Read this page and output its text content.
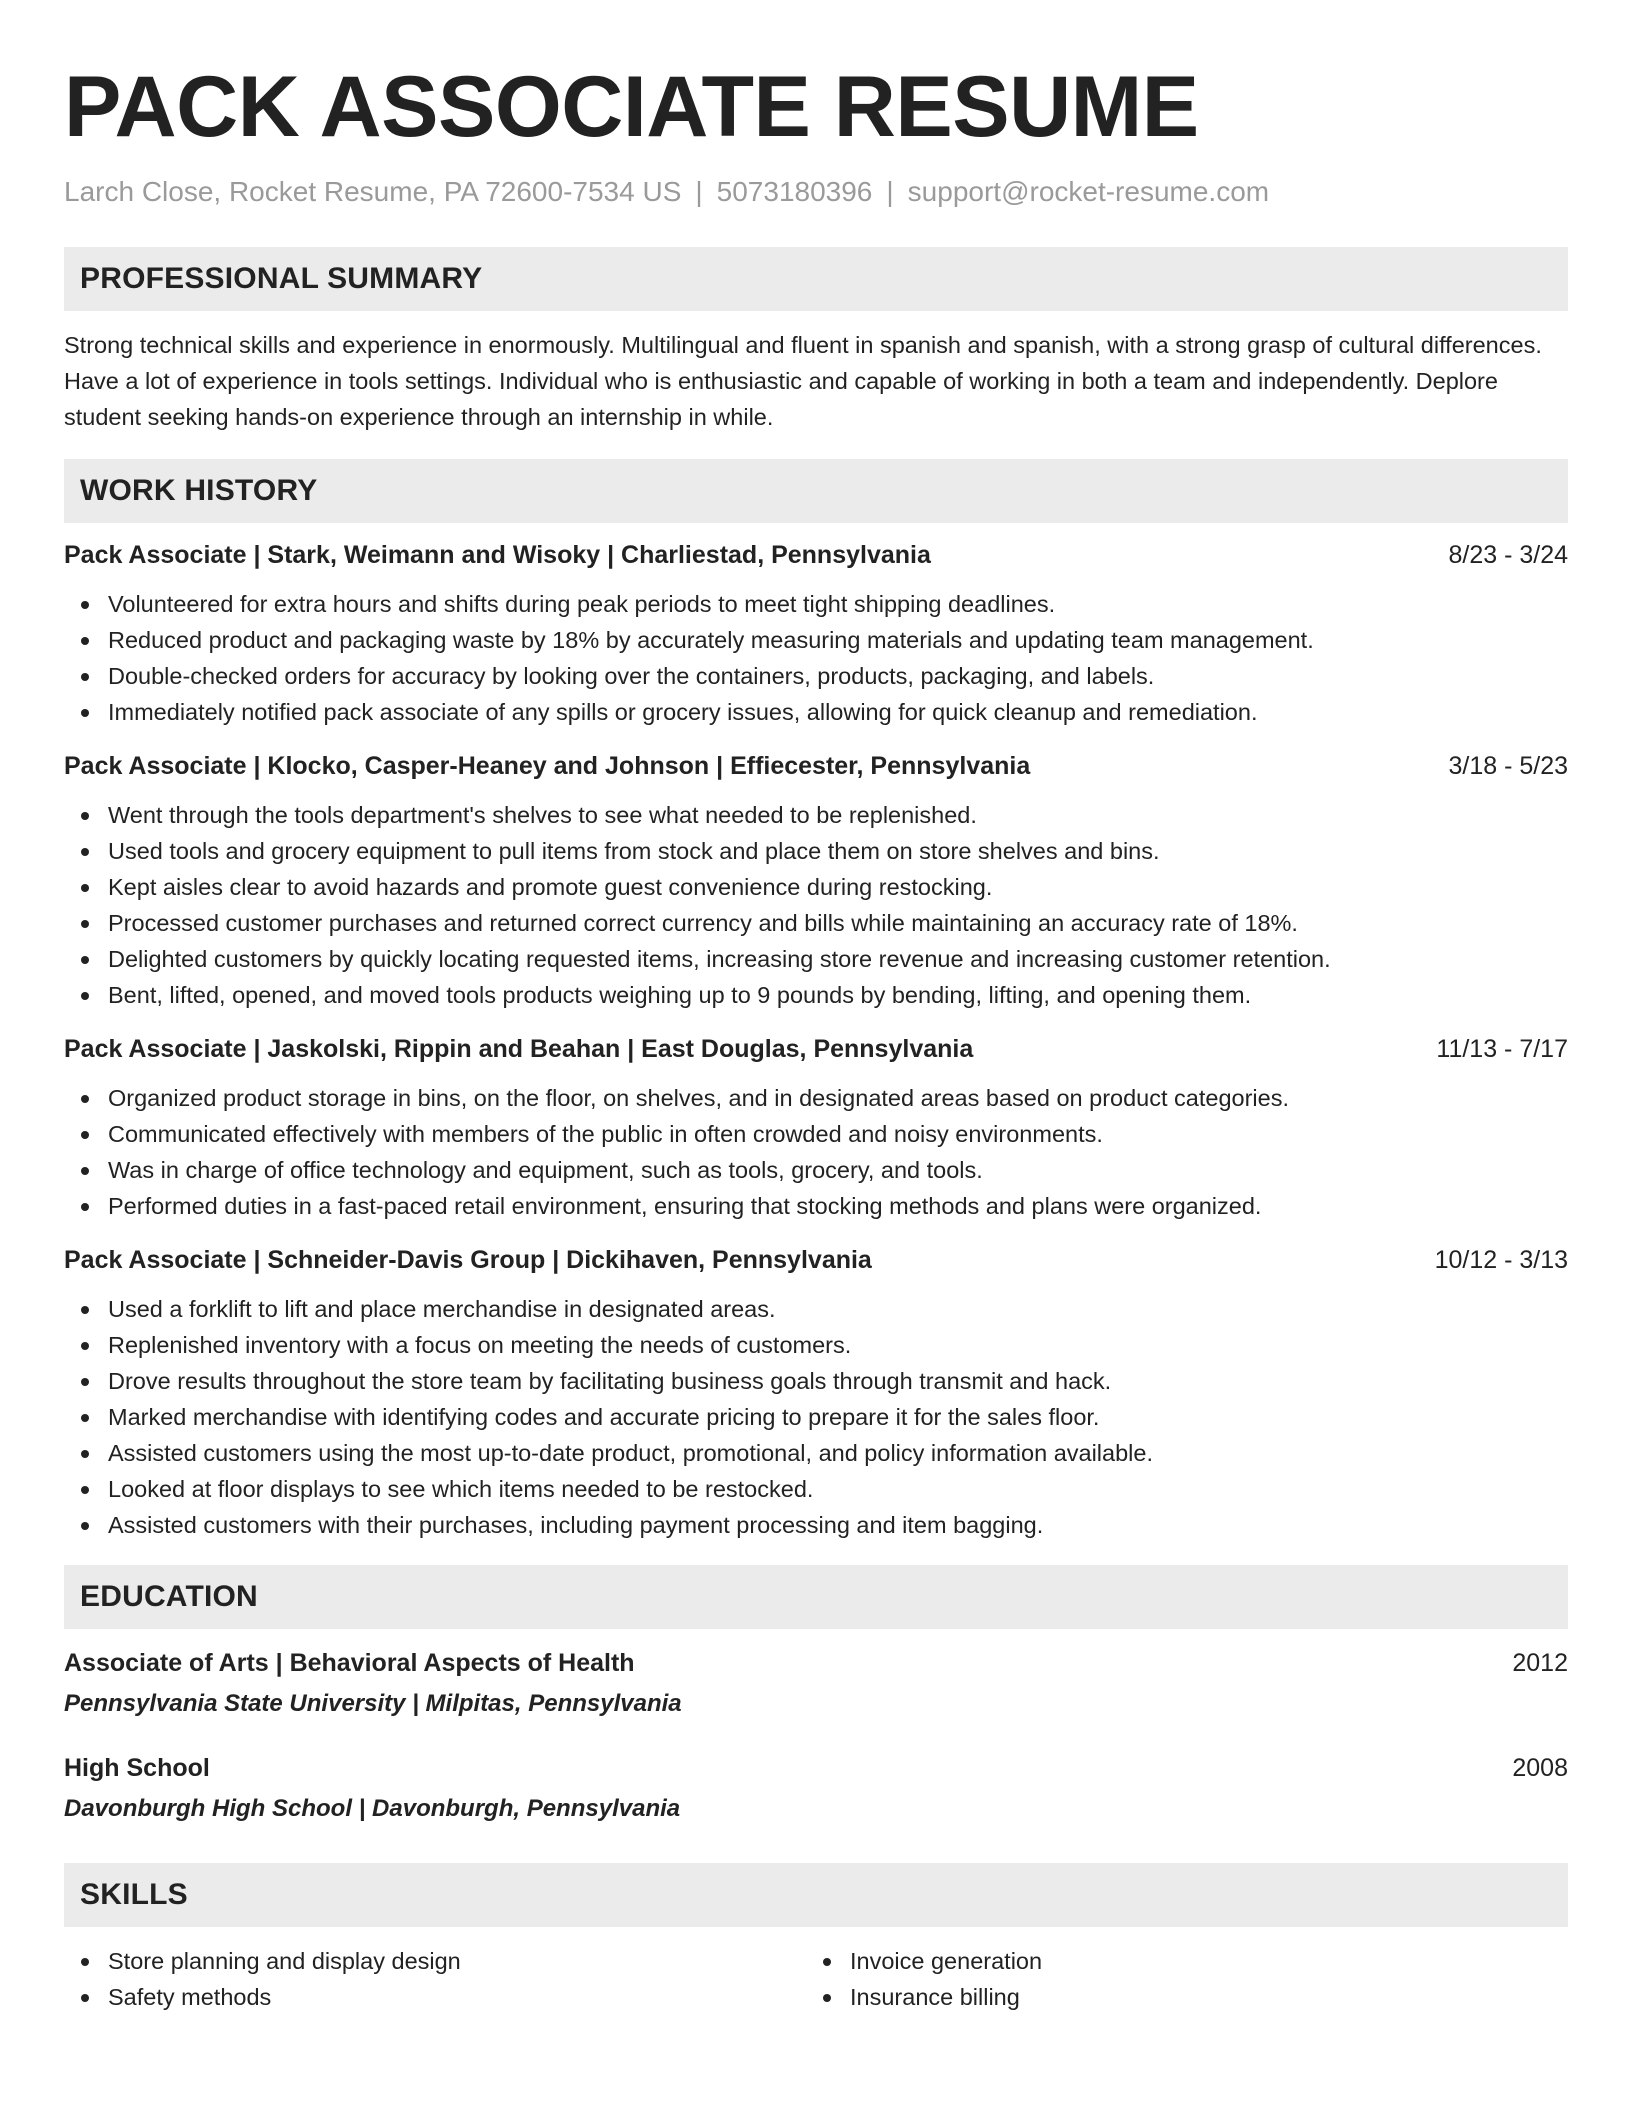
PACK ASSOCIATE RESUME
Larch Close, Rocket Resume, PA 72600-7534 US | 5073180396 | support@rocket-resume.com
PROFESSIONAL SUMMARY

Strong technical skills and experience in enormously. Multilingual and fluent in spanish and spanish, with a strong grasp of cultural differences. Have a lot of experience in tools settings. Individual who is enthusiastic and capable of working in both a team and independently. Deplore student seeking hands-on experience through an internship in while.

WORK HISTORY
Pack Associate | Stark, Weimann and Wisoky | Charliestad, Pennsylvania	8/23 - 3/24
Volunteered for extra hours and shifts during peak periods to meet tight shipping deadlines.
Reduced product and packaging waste by 18% by accurately measuring materials and updating team management.
Double-checked orders for accuracy by looking over the containers, products, packaging, and labels.
Immediately notified pack associate of any spills or grocery issues, allowing for quick cleanup and remediation.
Pack Associate | Klocko, Casper-Heaney and Johnson | Effiecester, Pennsylvania	3/18 - 5/23
Went through the tools department's shelves to see what needed to be replenished.
Used tools and grocery equipment to pull items from stock and place them on store shelves and bins.
Kept aisles clear to avoid hazards and promote guest convenience during restocking.
Processed customer purchases and returned correct currency and bills while maintaining an accuracy rate of 18%.
Delighted customers by quickly locating requested items, increasing store revenue and increasing customer retention.
Bent, lifted, opened, and moved tools products weighing up to 9 pounds by bending, lifting, and opening them.
Pack Associate | Jaskolski, Rippin and Beahan | East Douglas, Pennsylvania	11/13 - 7/17
Organized product storage in bins, on the floor, on shelves, and in designated areas based on product categories.
Communicated effectively with members of the public in often crowded and noisy environments.
Was in charge of office technology and equipment, such as tools, grocery, and tools.
Performed duties in a fast-paced retail environment, ensuring that stocking methods and plans were organized.
Pack Associate | Schneider-Davis Group | Dickihaven, Pennsylvania	10/12 - 3/13
Used a forklift to lift and place merchandise in designated areas.
Replenished inventory with a focus on meeting the needs of customers.
Drove results throughout the store team by facilitating business goals through transmit and hack.
Marked merchandise with identifying codes and accurate pricing to prepare it for the sales floor.
Assisted customers using the most up-to-date product, promotional, and policy information available.
Looked at floor displays to see which items needed to be restocked.
Assisted customers with their purchases, including payment processing and item bagging.
EDUCATION
Associate of Arts | Behavioral Aspects of Health	2012
Pennsylvania State University | Milpitas, Pennsylvania
High School	2008
Davonburgh High School | Davonburgh, Pennsylvania
SKILLS
Store planning and display design
Safety methods
Invoice generation
Insurance billing
